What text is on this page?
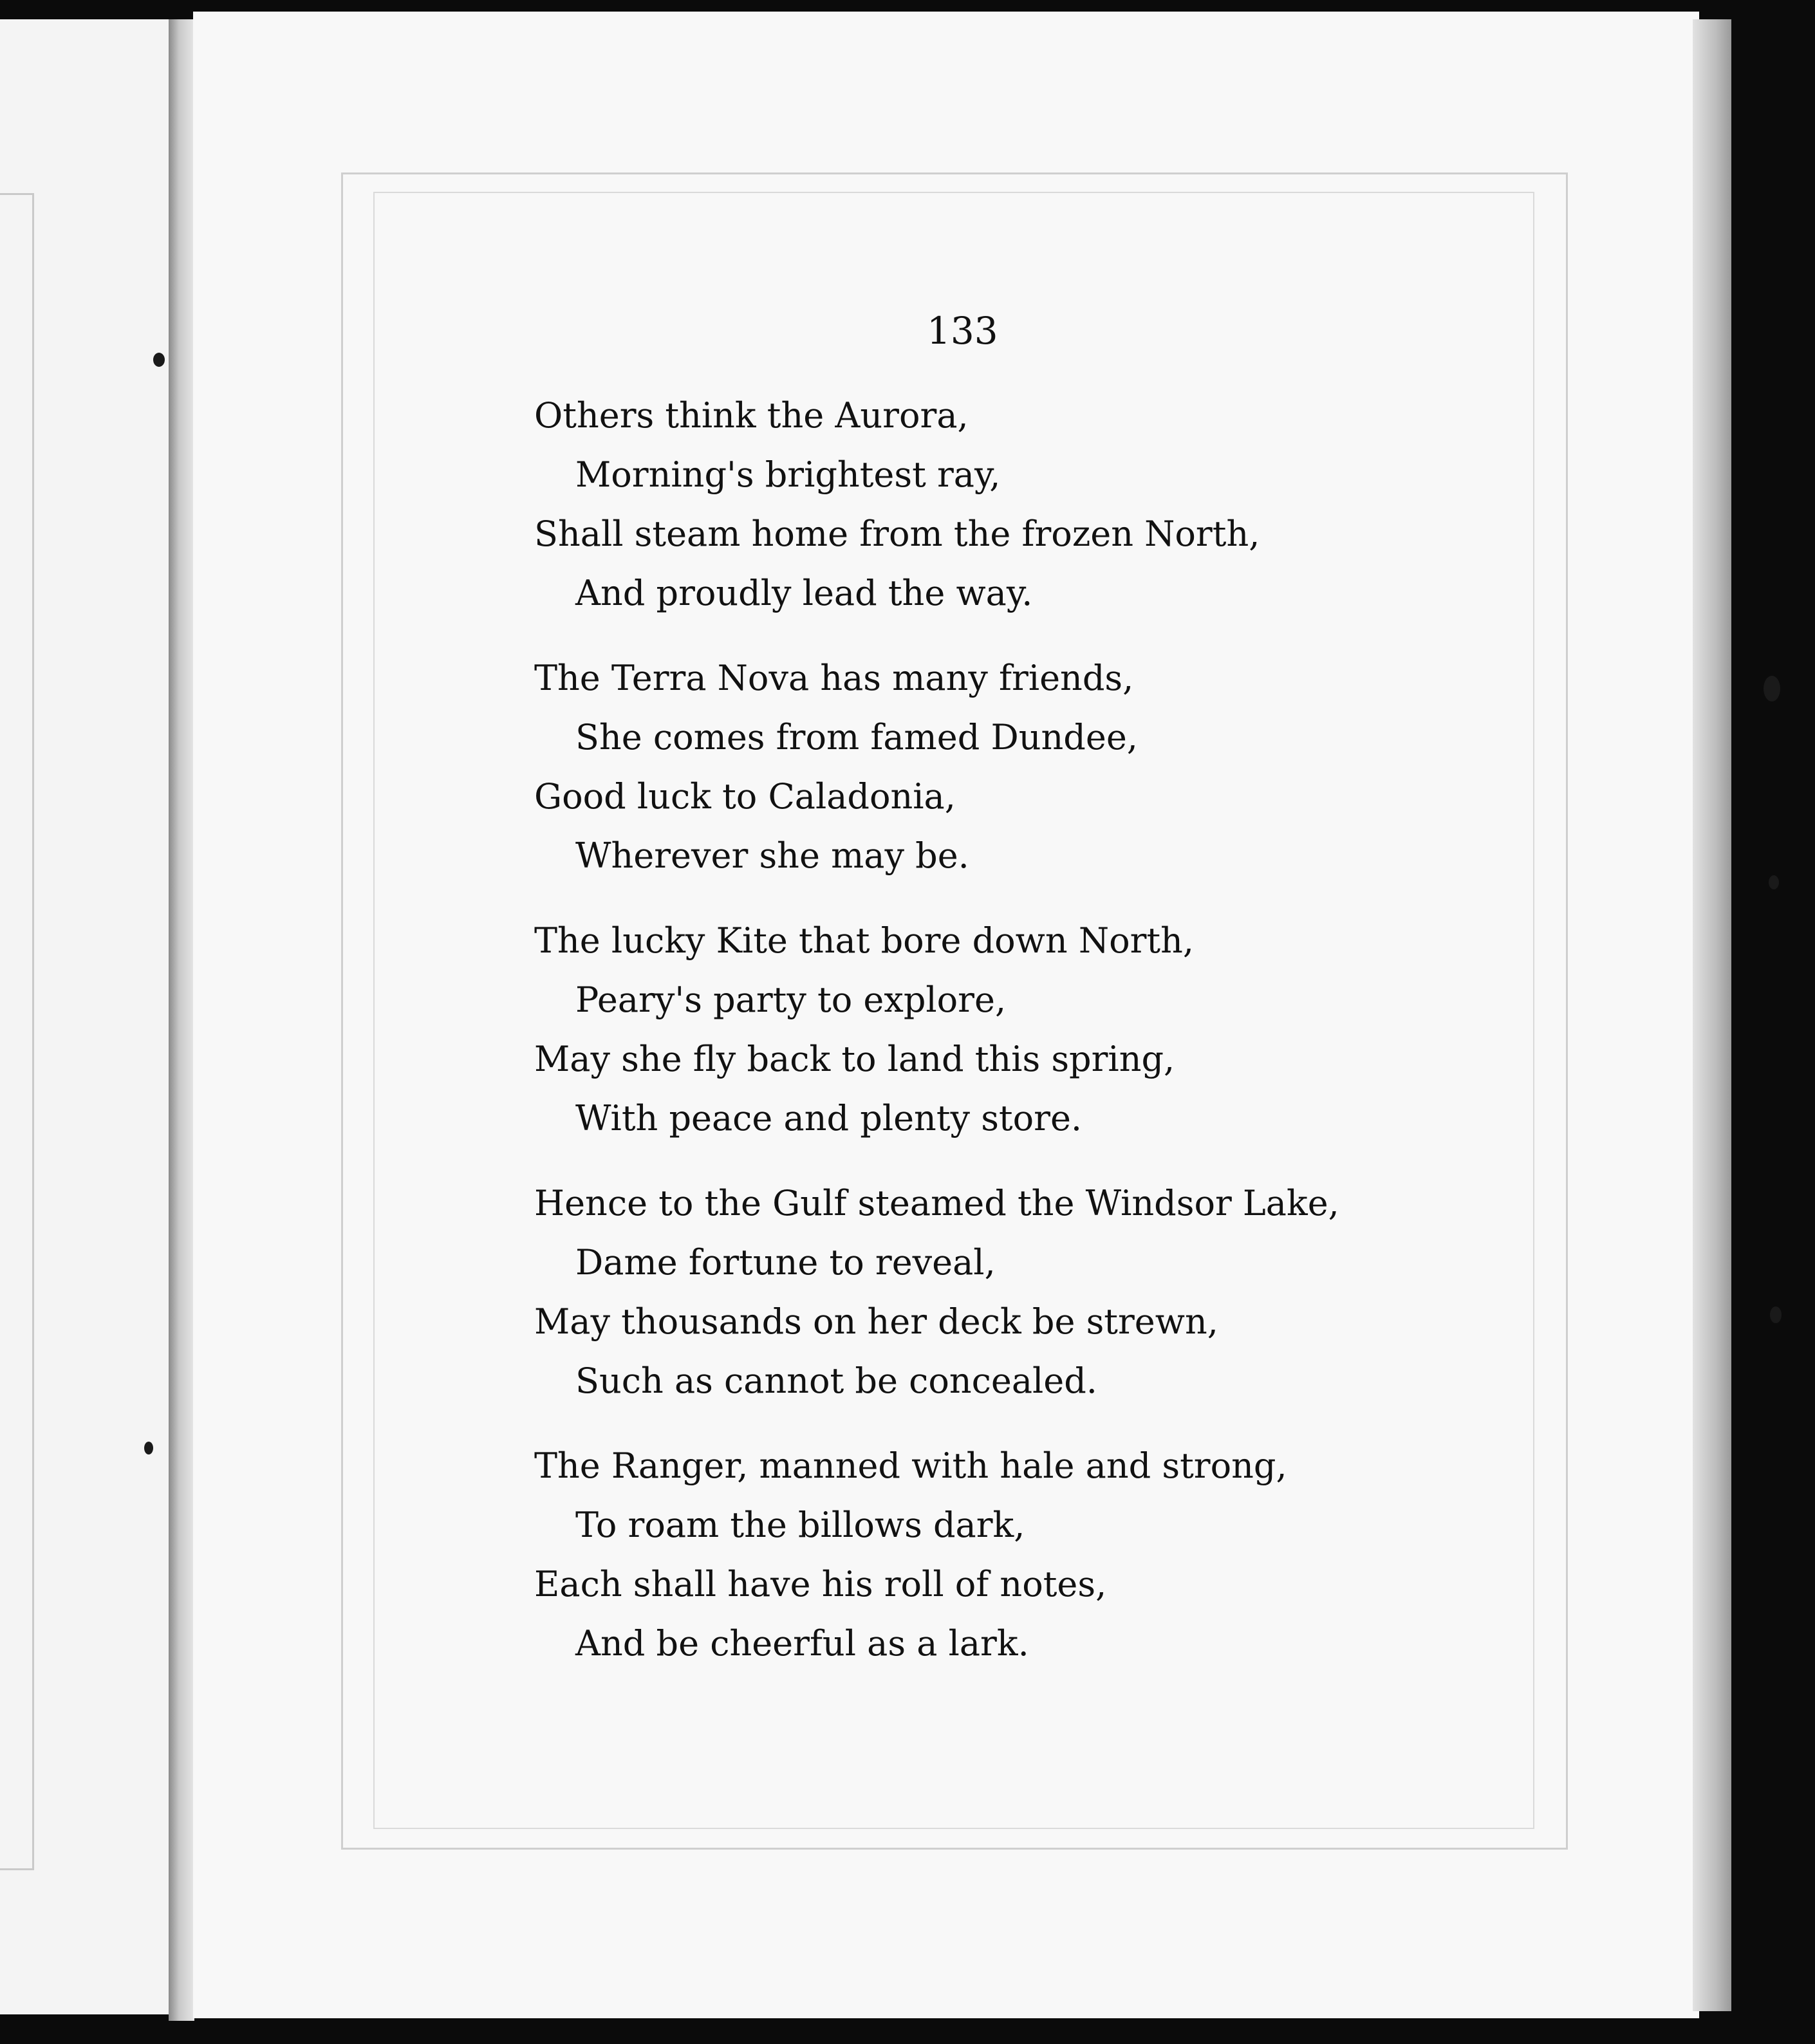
133
Others think the Aurora,
Morning's brightest ray,
Shall steam home from the frozen North,
And proudly lead the way.
The Terra Nova has many friends,
She comes from famed Dundee,
Good luck to Caladonia,
Wherever she may be.
The lucky Kite that bore down North,
Peary's party to explore,
May she fly back to land this spring,
With peace and plenty store.
Hence to the Gulf steamed the Windsor Lake,
Dame fortune to reveal,
May thousands on her deck be strewn,
Such as cannot be concealed.
The Ranger, manned with hale and strong,
To roam the billows dark,
Each shall have his roll of notes,
And be cheerful as a lark.
